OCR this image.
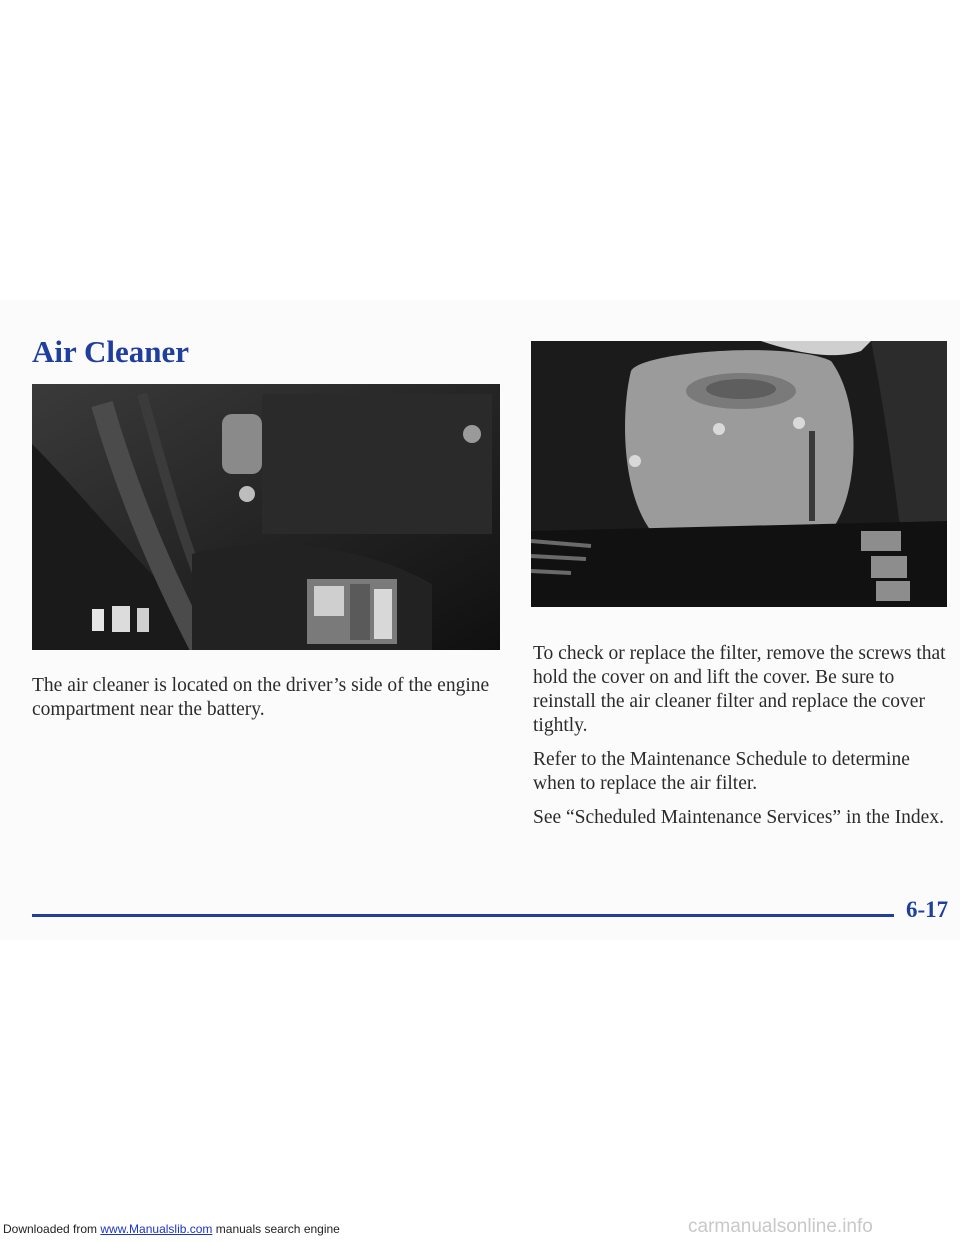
Air Cleaner

The air cleaner is located on the driver’s side of the engine compartment near the battery.

To check or replace the filter, remove the screws that hold the cover on and lift the cover. Be sure to reinstall the air cleaner filter and replace the cover tightly.

Refer to the Maintenance Schedule to determine when to replace the air filter.

See “Scheduled Maintenance Services” in the Index.

6-17
Downloaded from www.Manualslib.com manuals search engine	carmanualsonline.info
